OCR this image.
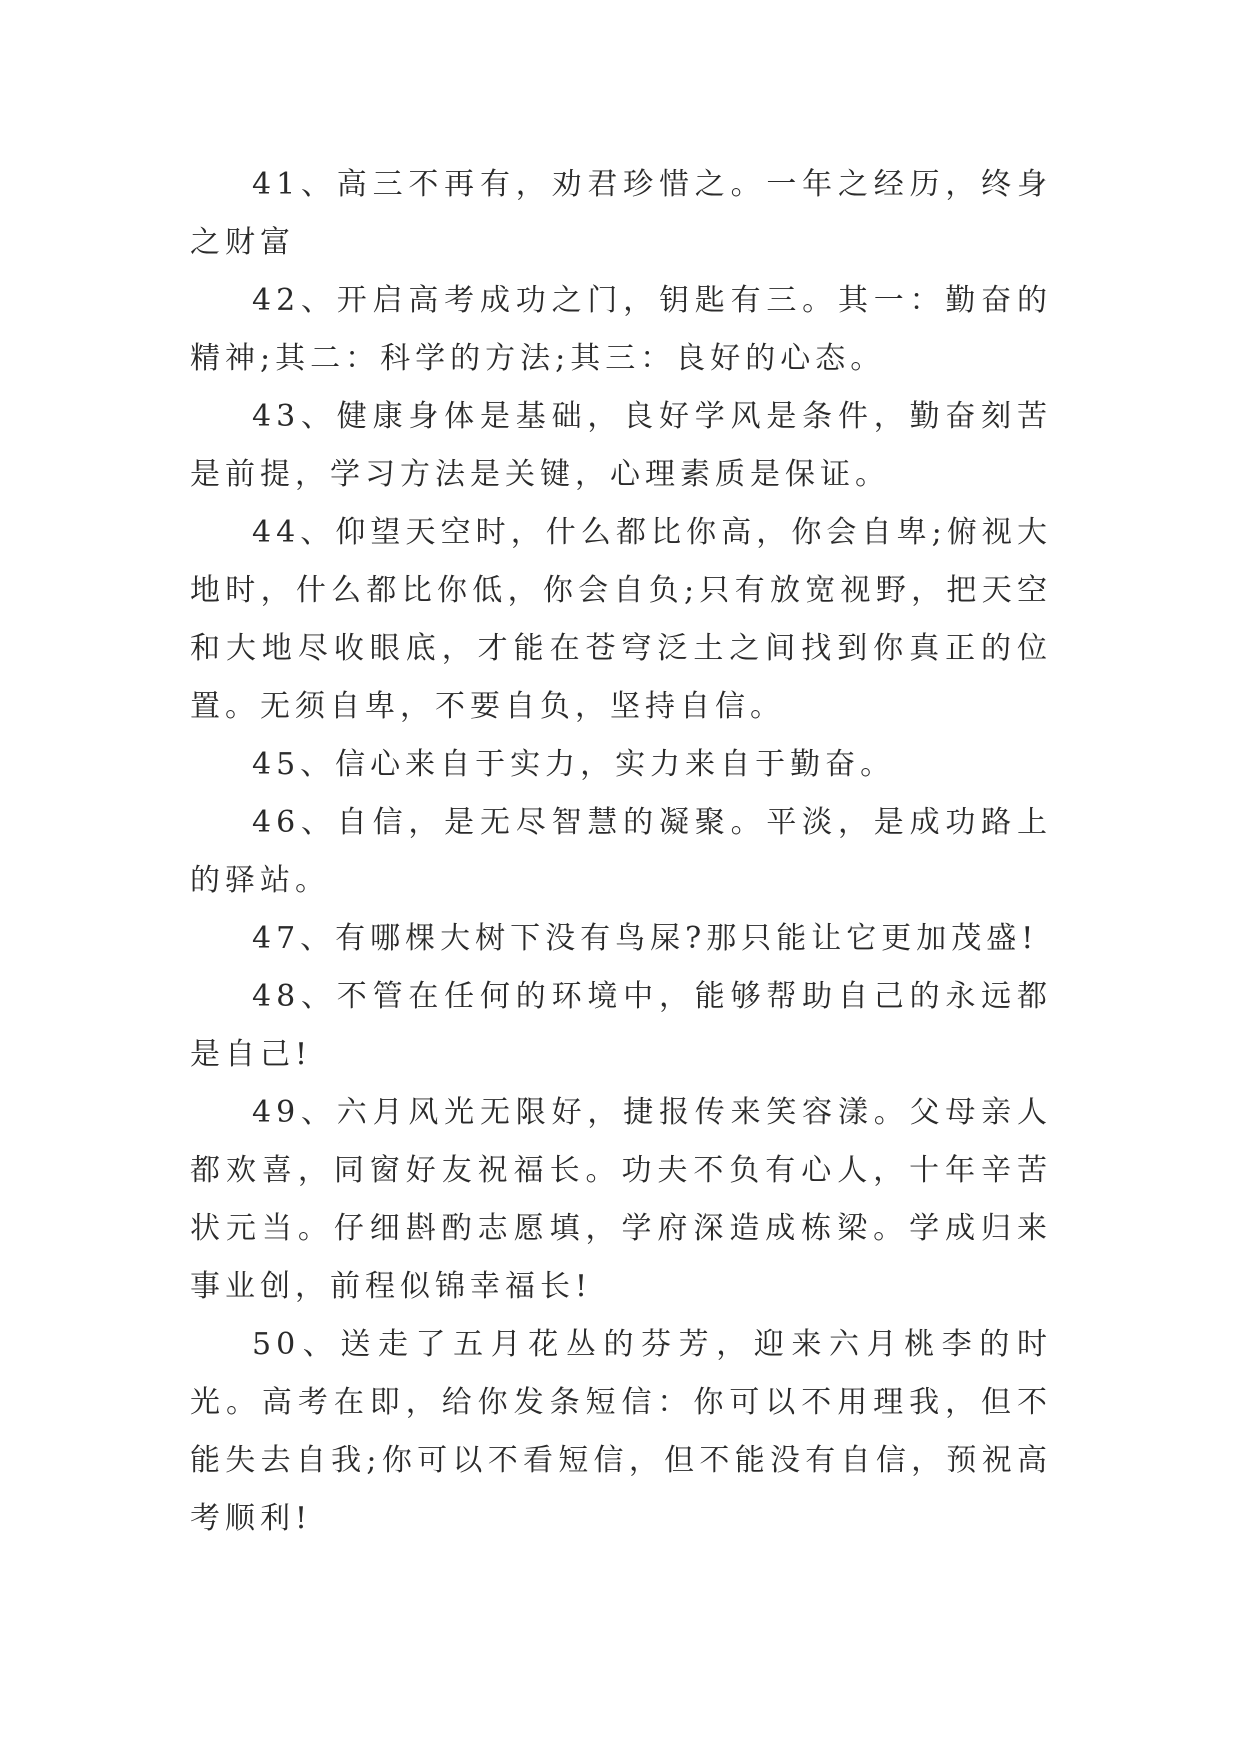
41、高三不再有，劝君珍惜之。一年之经历，终身之财富

42、开启高考成功之门，钥匙有三。其一：勤奋的精神;其二：科学的方法;其三：良好的心态。

43、健康身体是基础，良好学风是条件，勤奋刻苦是前提，学习方法是关键，心理素质是保证。

44、仰望天空时，什么都比你高，你会自卑;俯视大地时，什么都比你低，你会自负;只有放宽视野，把天空和大地尽收眼底，才能在苍穹泛土之间找到你真正的位置。无须自卑，不要自负，坚持自信。

45、信心来自于实力，实力来自于勤奋。

46、自信，是无尽智慧的凝聚。平淡，是成功路上的驿站。

47、有哪棵大树下没有鸟屎?那只能让它更加茂盛!

48、不管在任何的环境中，能够帮助自己的永远都是自己!

49、六月风光无限好，捷报传来笑容漾。父母亲人都欢喜，同窗好友祝福长。功夫不负有心人，十年辛苦状元当。仔细斟酌志愿填，学府深造成栋梁。学成归来事业创，前程似锦幸福长!

50、送走了五月花丛的芬芳，迎来六月桃李的时光。高考在即，给你发条短信：你可以不用理我，但不能失去自我;你可以不看短信，但不能没有自信，预祝高考顺利!
